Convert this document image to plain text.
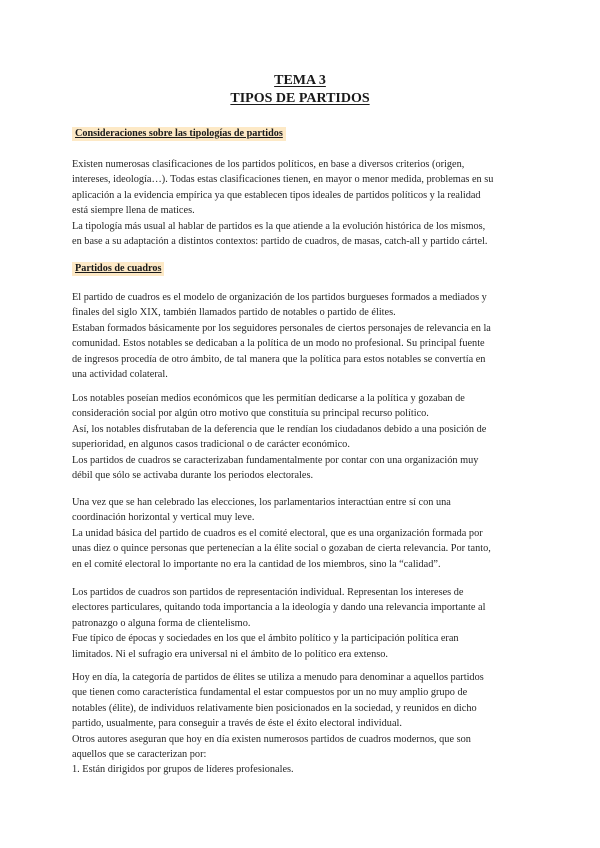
TEMA 3
TIPOS DE PARTIDOS
Consideraciones sobre las tipologías de partidos

Existen numerosas clasificaciones de los partidos políticos, en base a diversos criterios (origen,
intereses, ideología…). Todas estas clasificaciones tienen, en mayor o menor medida, problemas en su
aplicación a la evidencia empírica ya que establecen tipos ideales de partidos políticos y la realidad
está siempre llena de matices.
La tipología más usual al hablar de partidos es la que atiende a la evolución histórica de los mismos,
en base a su adaptación a distintos contextos: partido de cuadros, de masas, catch-all y partido cártel.

Partidos de cuadros

El partido de cuadros es el modelo de organización de los partidos burgueses formados a mediados y
finales del siglo XIX, también llamados partido de notables o partido de élites.
Estaban formados básicamente por los seguidores personales de ciertos personajes de relevancia en la
comunidad. Estos notables se dedicaban a la política de un modo no profesional. Su principal fuente
de ingresos procedía de otro ámbito, de tal manera que la política para estos notables se convertía en
una actividad colateral.

Los notables poseían medios económicos que les permitían dedicarse a la política y gozaban de
consideración social por algún otro motivo que constituía su principal recurso político.
Así, los notables disfrutaban de la deferencia que le rendían los ciudadanos debido a una posición de
superioridad, en algunos casos tradicional o de carácter económico.
Los partidos de cuadros se caracterizaban fundamentalmente por contar con una organización muy
débil que sólo se activaba durante los periodos electorales.

Una vez que se han celebrado las elecciones, los parlamentarios interactúan entre sí con una
coordinación horizontal y vertical muy leve.
La unidad básica del partido de cuadros es el comité electoral, que es una organización formada por
unas diez o quince personas que pertenecían a la élite social o gozaban de cierta relevancia. Por tanto,
en el comité electoral lo importante no era la cantidad de los miembros, sino la “calidad”.

Los partidos de cuadros son partidos de representación individual. Representan los intereses de
electores particulares, quitando toda importancia a la ideología y dando una relevancia importante al
patronazgo o alguna forma de clientelismo.
Fue típico de épocas y sociedades en los que el ámbito político y la participación política eran
limitados. Ni el sufragio era universal ni el ámbito de lo político era extenso.

Hoy en día, la categoría de partidos de élites se utiliza a menudo para denominar a aquellos partidos
que tienen como característica fundamental el estar compuestos por un no muy amplio grupo de
notables (élite), de individuos relativamente bien posicionados en la sociedad, y reunidos en dicho
partido, usualmente, para conseguir a través de éste el éxito electoral individual.
Otros autores aseguran que hoy en día existen numerosos partidos de cuadros modernos, que son
aquellos que se caracterizan por:
1. Están dirigidos por grupos de líderes profesionales.
